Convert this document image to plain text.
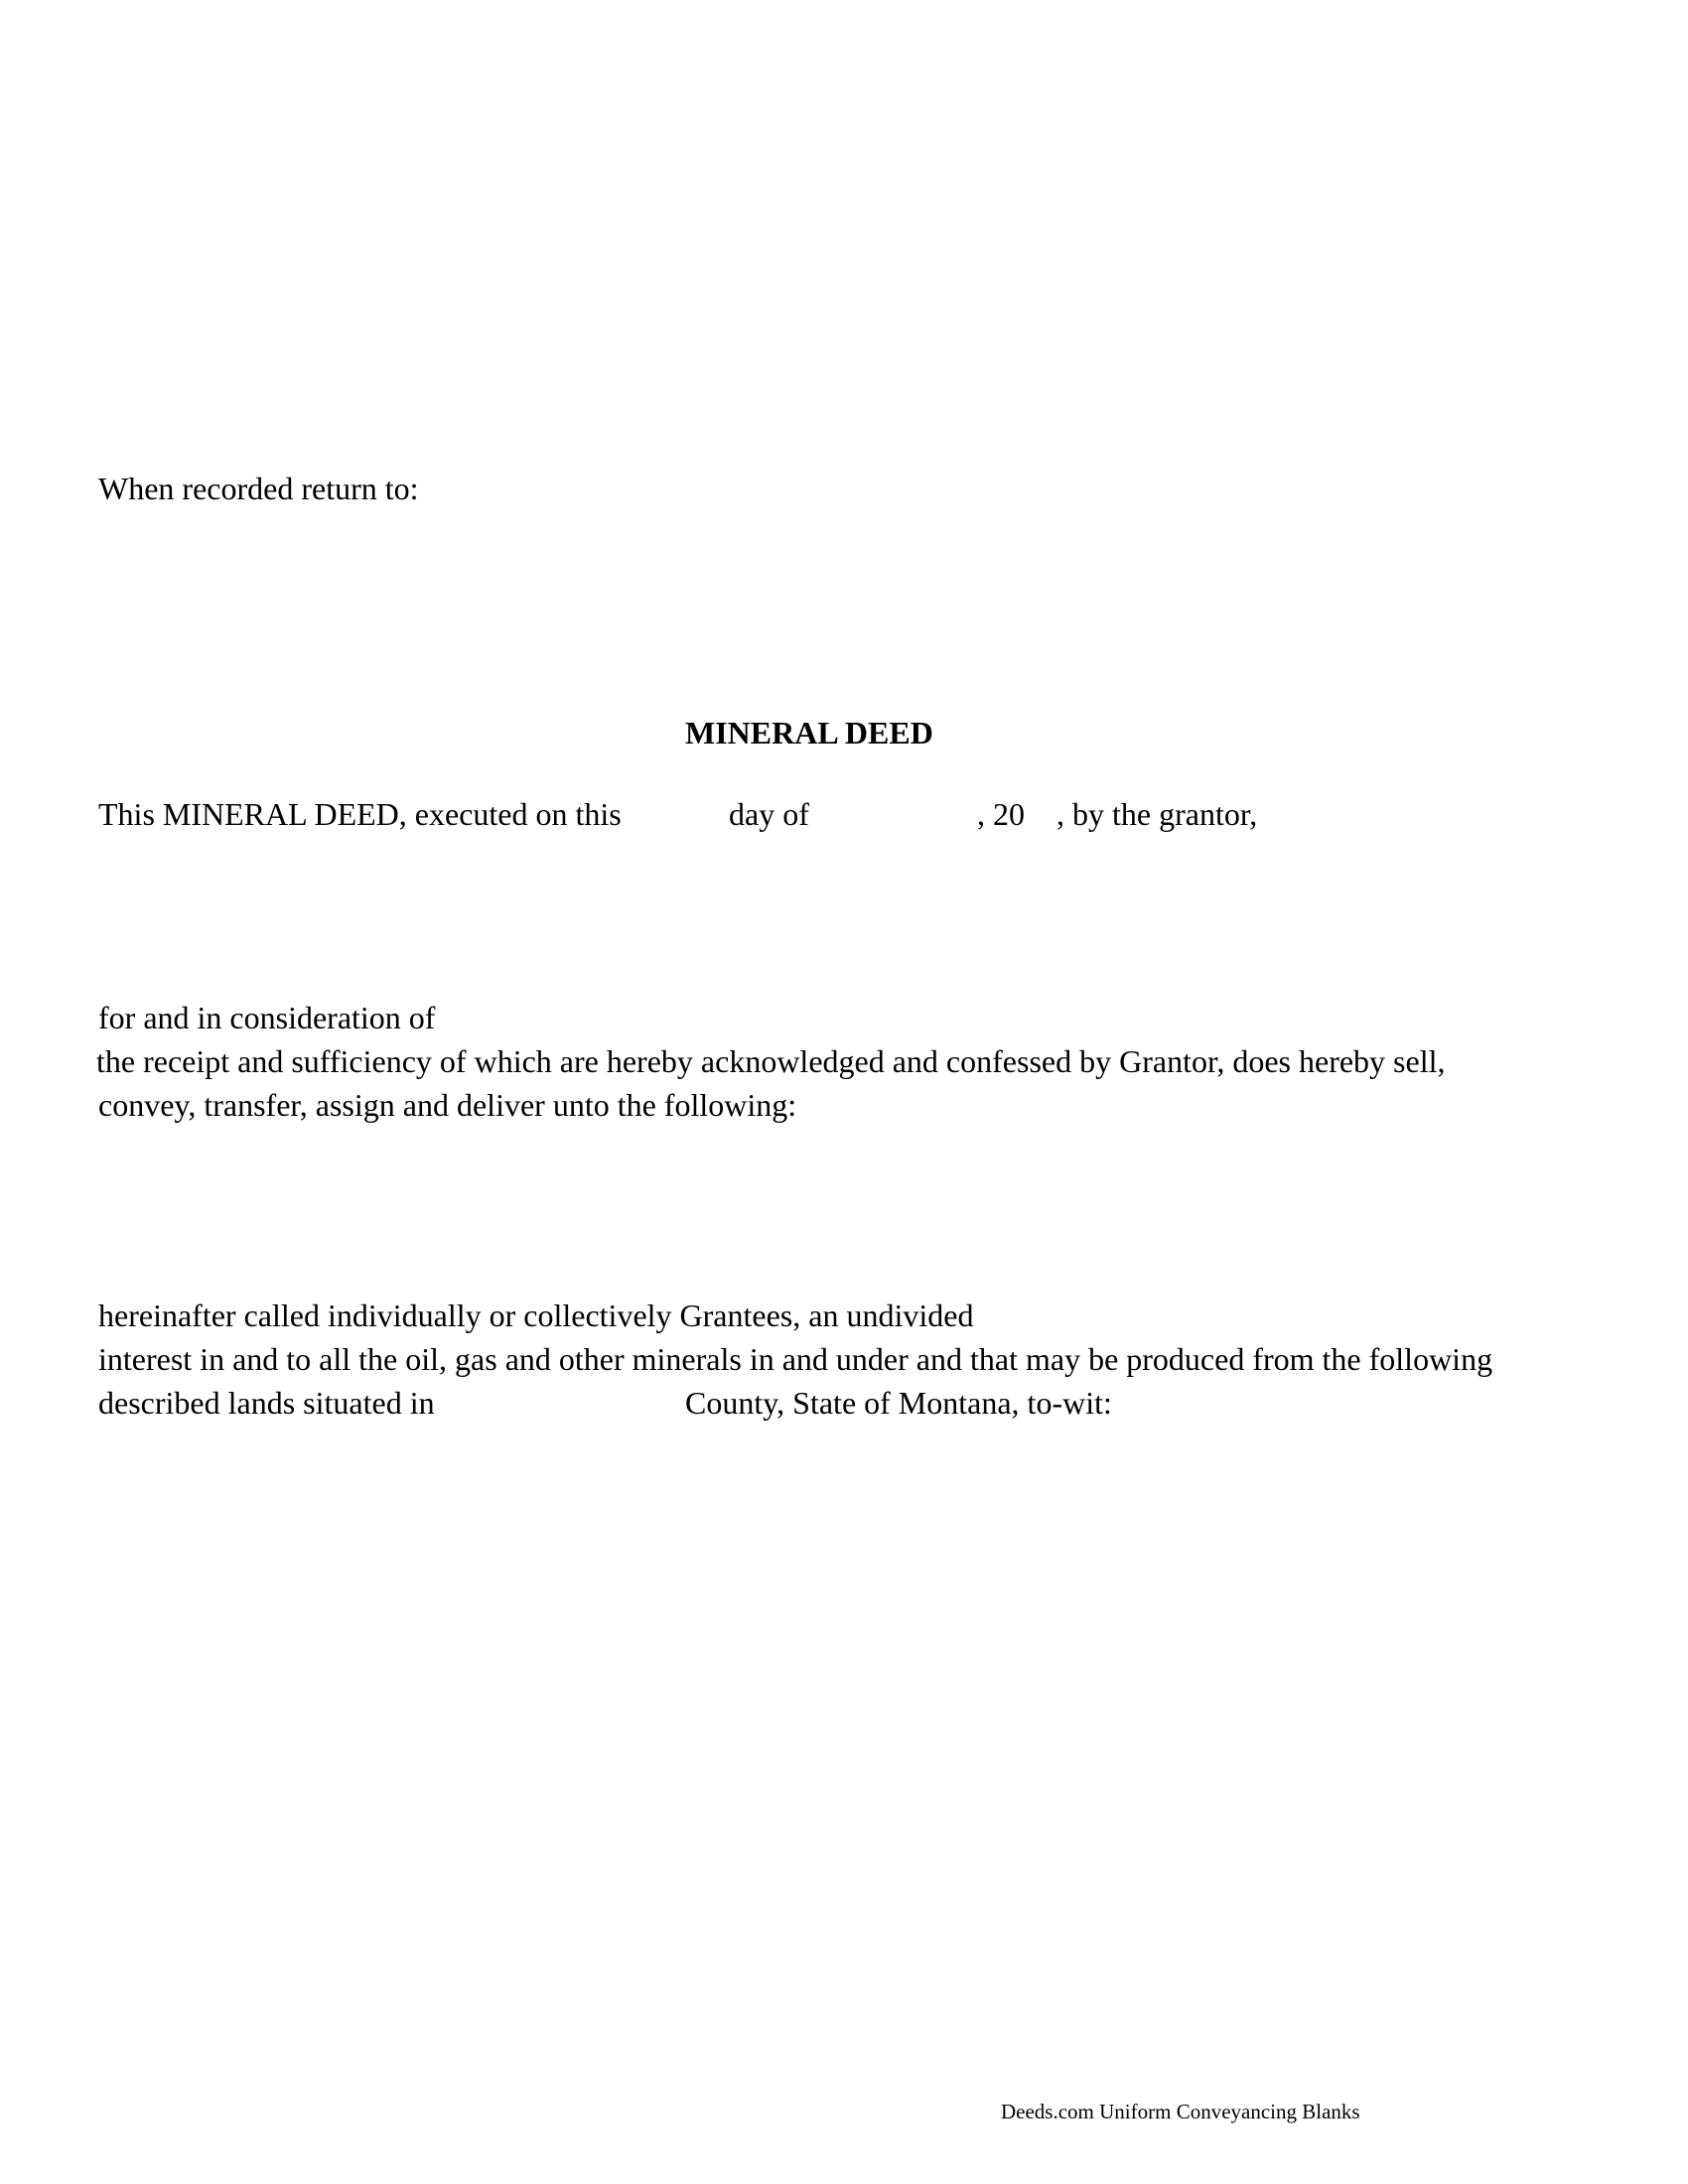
When recorded return to:

MINERAL DEED

This MINERAL DEED, executed on this	day of	, 20 , by the grantor,

for and in consideration of

the receipt and sufficiency of which are hereby acknowledged and confessed by Grantor, does hereby sell,

convey, transfer, assign and deliver unto the following:

hereinafter called individually or collectively Grantees, an undivided

interest in and to all the oil, gas and other minerals in and under and that may be produced from the following

described lands situated in	County, State of Montana, to-wit:

Deeds.com Uniform Conveyancing Blanks
